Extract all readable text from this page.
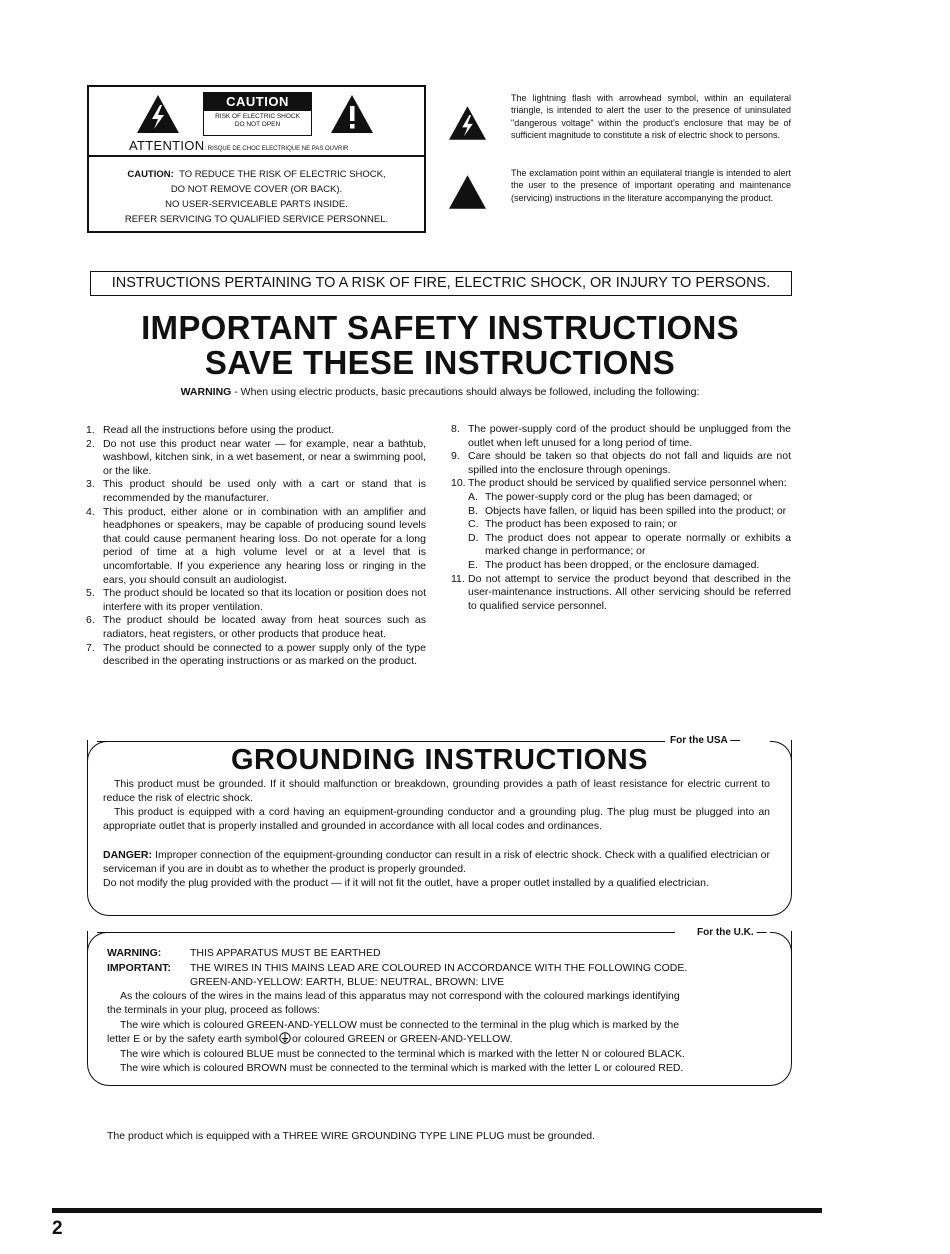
CAUTION
RISK OF ELECTRIC SHOCK
DO NOT OPEN
ATTENTION: RISQUE DE CHOC ELECTRIQUE NE PAS OUVRIR
CAUTION: TO REDUCE THE RISK OF ELECTRIC SHOCK,
DO NOT REMOVE COVER (OR BACK).
NO USER-SERVICEABLE PARTS INSIDE.
REFER SERVICING TO QUALIFIED SERVICE PERSONNEL.
The lightning flash with arrowhead symbol, within an equilateral triangle, is intended to alert the user to the presence of uninsulated "dangerous voltage" within the product's enclosure that may be of sufficient magnitude to constitute a risk of electric shock to persons.
The exclamation point within an equilateral triangle is intended to alert the user to the presence of important operating and maintenance (servicing) instructions in the literature accompanying the product.
INSTRUCTIONS PERTAINING TO A RISK OF FIRE, ELECTRIC SHOCK, OR INJURY TO PERSONS.
IMPORTANT SAFETY INSTRUCTIONS
SAVE THESE INSTRUCTIONS
WARNING - When using electric products, basic precautions should always be followed, including the following:
1. Read all the instructions before using the product.
2. Do not use this product near water — for example, near a bathtub, washbowl, kitchen sink, in a wet basement, or near a swimming pool, or the like.
3. This product should be used only with a cart or stand that is recommended by the manufacturer.
4. This product, either alone or in combination with an amplifier and headphones or speakers, may be capable of producing sound levels that could cause permanent hearing loss. Do not operate for a long period of time at a high volume level or at a level that is uncomfortable. If you experience any hearing loss or ringing in the ears, you should consult an audiologist.
5. The product should be located so that its location or position does not interfere with its proper ventilation.
6. The product should be located away from heat sources such as radiators, heat registers, or other products that produce heat.
7. The product should be connected to a power supply only of the type described in the operating instructions or as marked on the product.
8. The power-supply cord of the product should be unplugged from the outlet when left unused for a long period of time.
9. Care should be taken so that objects do not fall and liquids are not spilled into the enclosure through openings.
10. The product should be serviced by qualified service personnel when:
A. The power-supply cord or the plug has been damaged; or
B. Objects have fallen, or liquid has been spilled into the product; or
C. The product has been exposed to rain; or
D. The product does not appear to operate normally or exhibits a marked change in performance; or
E. The product has been dropped, or the enclosure damaged.
11. Do not attempt to service the product beyond that described in the user-maintenance instructions. All other servicing should be referred to qualified service personnel.
For the USA —
GROUNDING INSTRUCTIONS
This product must be grounded. If it should malfunction or breakdown, grounding provides a path of least resistance for electric current to reduce the risk of electric shock.
This product is equipped with a cord having an equipment-grounding conductor and a grounding plug. The plug must be plugged into an appropriate outlet that is properly installed and grounded in accordance with all local codes and ordinances.
DANGER: Improper connection of the equipment-grounding conductor can result in a risk of electric shock. Check with a qualified electrician or serviceman if you are in doubt as to whether the product is properly grounded.
Do not modify the plug provided with the product — if it will not fit the outlet, have a proper outlet installed by a qualified electrician.
For the U.K. —
WARNING:	THIS APPARATUS MUST BE EARTHED
IMPORTANT: THE WIRES IN THIS MAINS LEAD ARE COLOURED IN ACCORDANCE WITH THE FOLLOWING CODE.
GREEN-AND-YELLOW: EARTH, BLUE: NEUTRAL, BROWN: LIVE
As the colours of the wires in the mains lead of this apparatus may not correspond with the coloured markings identifying
the terminals in your plug, proceed as follows:
The wire which is coloured GREEN-AND-YELLOW must be connected to the terminal in the plug which is marked by the
letter E or by the safety earth symbol or coloured GREEN or GREEN-AND-YELLOW.
The wire which is coloured BLUE must be connected to the terminal which is marked with the letter N or coloured BLACK.
The wire which is coloured BROWN must be connected to the terminal which is marked with the letter L or coloured RED.
The product which is equipped with a THREE WIRE GROUNDING TYPE LINE PLUG must be grounded.
2
